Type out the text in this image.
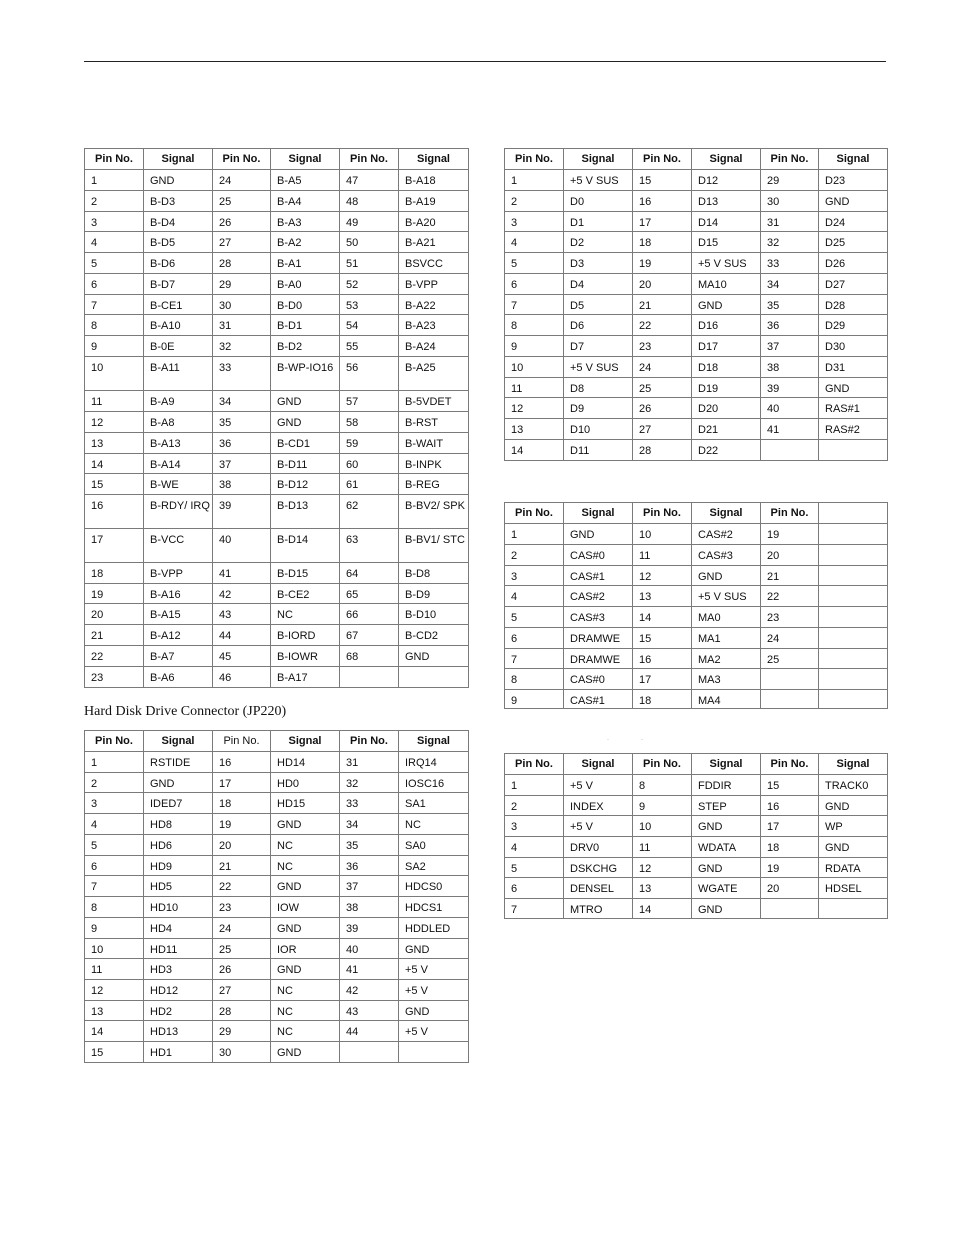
Pin No.	Signal	Pin No.	Signal	Pin No.	Signal
1	GND	24	B-A5	47	B-A18
2	B-D3	25	B-A4	48	B-A19
3	B-D4	26	B-A3	49	B-A20
4	B-D5	27	B-A2	50	B-A21
5	B-D6	28	B-A1	51	BSVCC
6	B-D7	29	B-A0	52	B-VPP
7	B-CE1	30	B-D0	53	B-A22
8	B-A10	31	B-D1	54	B-A23
9	B-0E	32	B-D2	55	B-A24
10	B-A11	33	B-WP-IO16	56	B-A25
11	B-A9	34	GND	57	B-5VDET
12	B-A8	35	GND	58	B-RST
13	B-A13	36	B-CD1	59	B-WAIT
14	B-A14	37	B-D11	60	B-INPK
15	B-WE	38	B-D12	61	B-REG
16	B-RDY/ IRQ	39	B-D13	62	B-BV2/ SPK
17	B-VCC	40	B-D14	63	B-BV1/ STC
18	B-VPP	41	B-D15	64	B-D8
19	B-A16	42	B-CE2	65	B-D9
20	B-A15	43	NC	66	B-D10
21	B-A12	44	B-IORD	67	B-CD2
22	B-A7	45	B-IOWR	68	GND
23	B-A6	46	B-A17		
Pin No.	Signal	Pin No.	Signal	Pin No.	Signal
1	+5 V SUS	15	D12	29	D23
2	D0	16	D13	30	GND
3	D1	17	D14	31	D24
4	D2	18	D15	32	D25
5	D3	19	+5 V SUS	33	D26
6	D4	20	MA10	34	D27
7	D5	21	GND	35	D28
8	D6	22	D16	36	D29
9	D7	23	D17	37	D30
10	+5 V SUS	24	D18	38	D31
11	D8	25	D19	39	GND
12	D9	26	D20	40	RAS#1
13	D10	27	D21	41	RAS#2
14	D11	28	D22		
Pin No.	Signal	Pin No.	Signal	Pin No.	
1	GND	10	CAS#2	19	
2	CAS#0	11	CAS#3	20	
3	CAS#1	12	GND	21	
4	CAS#2	13	+5 V SUS	22	
5	CAS#3	14	MA0	23	
6	DRAMWE	15	MA1	24	
7	DRAMWE	16	MA2	25	
8	CAS#0	17	MA3		
9	CAS#1	18	MA4		
Hard Disk Drive Connector (JP220)
Pin No.	Signal	Pin No.	Signal	Pin No.	Signal
1	RSTIDE	16	HD14	31	IRQ14
2	GND	17	HD0	32	IOSC16
3	IDED7	18	HD15	33	SA1
4	HD8	19	GND	34	NC
5	HD6	20	NC	35	SA0
6	HD9	21	NC	36	SA2
7	HD5	22	GND	37	HDCS0
8	HD10	23	IOW	38	HDCS1
9	HD4	24	GND	39	HDDLED
10	HD11	25	IOR	40	GND
11	HD3	26	GND	41	+5 V
12	HD12	27	NC	42	+5 V
13	HD2	28	NC	43	GND
14	HD13	29	NC	44	+5 V
15	HD1	30	GND		
·	·
Pin No.	Signal	Pin No.	Signal	Pin No.	Signal
1	+5 V	8	FDDIR	15	TRACK0
2	INDEX	9	STEP	16	GND
3	+5 V	10	GND	17	WP
4	DRV0	11	WDATA	18	GND
5	DSKCHG	12	GND	19	RDATA
6	DENSEL	13	WGATE	20	HDSEL
7	MTRO	14	GND		
